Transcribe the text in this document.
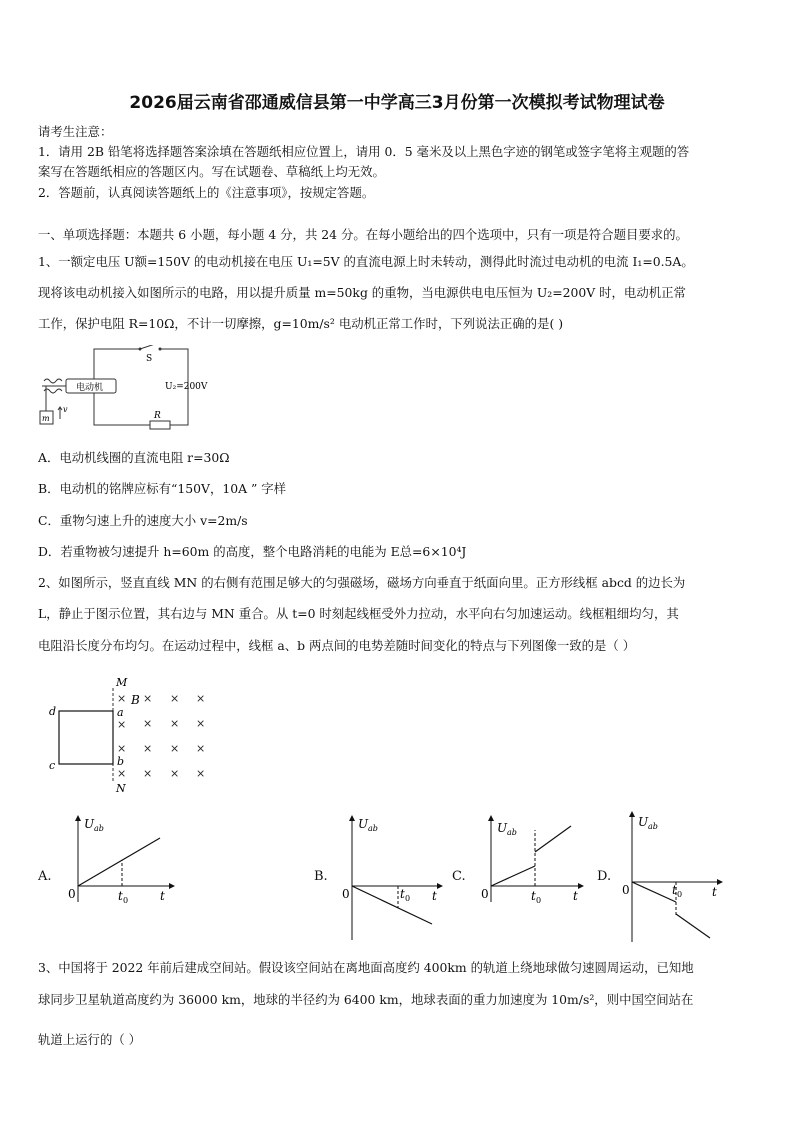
2026届云南省邵通威信县第一中学高三3月份第一次模拟考试物理试卷
请考生注意：
1．请用 2B 铅笔将选择题答案涂填在答题纸相应位置上，请用 0．5 毫米及以上黑色字迹的钢笔或签字笔将主观题的答
案写在答题纸相应的答题区内。写在试题卷、草稿纸上均无效。
2．答题前，认真阅读答题纸上的《注意事项》，按规定答题。
一、单项选择题：本题共 6 小题，每小题 4 分，共 24 分。在每小题给出的四个选项中，只有一项是符合题目要求的。
1、一额定电压 U额=150V 的电动机接在电压 U₁=5V 的直流电源上时未转动，测得此时流过电动机的电流 I₁=0.5A。
现将该电动机接入如图所示的电路，用以提升质量 m=50kg 的重物，当电源供电电压恒为 U₂=200V 时，电动机正常
工作，保护电阻 R=10Ω，不计一切摩擦，g=10m/s² 电动机正常工作时，下列说法正确的是( )
S
U₂=200V
电动机
R
m
v
A．电动机线圈的直流电阻 r=30Ω
B．电动机的铭牌应标有“150V，10A ” 字样
C．重物匀速上升的速度大小 v=2m/s
D．若重物被匀速提升 h=60m 的高度，整个电路消耗的电能为 E总=6×10⁴J
2、如图所示，竖直直线 MN 的右侧有范围足够大的匀强磁场，磁场方向垂直于纸面向里。正方形线框 abcd 的边长为
L，静止于图示位置，其右边与 MN 重合。从 t=0 时刻起线框受外力拉动，水平向右匀加速运动。线框粗细均匀，其
电阻沿长度分布均匀。在运动过程中，线框 a、b 两点间的电势差随时间变化的特点与下列图像一致的是（ ）
M
N
d
c
a
b
B
× × × ×
× × ×
×
× × × ×
× × × ×
A.
U ab
t
0	t 0
B.
U ab
t
0	t 0
C.
U ab
t
0	t 0
D.
U ab
t
0	t 0
3、中国将于 2022 年前后建成空间站。假设该空间站在离地面高度约 400km 的轨道上绕地球做匀速圆周运动，已知地
球同步卫星轨道高度约为 36000 km，地球的半径约为 6400 km，地球表面的重力加速度为 10m/s²，则中国空间站在
轨道上运行的（ ）
